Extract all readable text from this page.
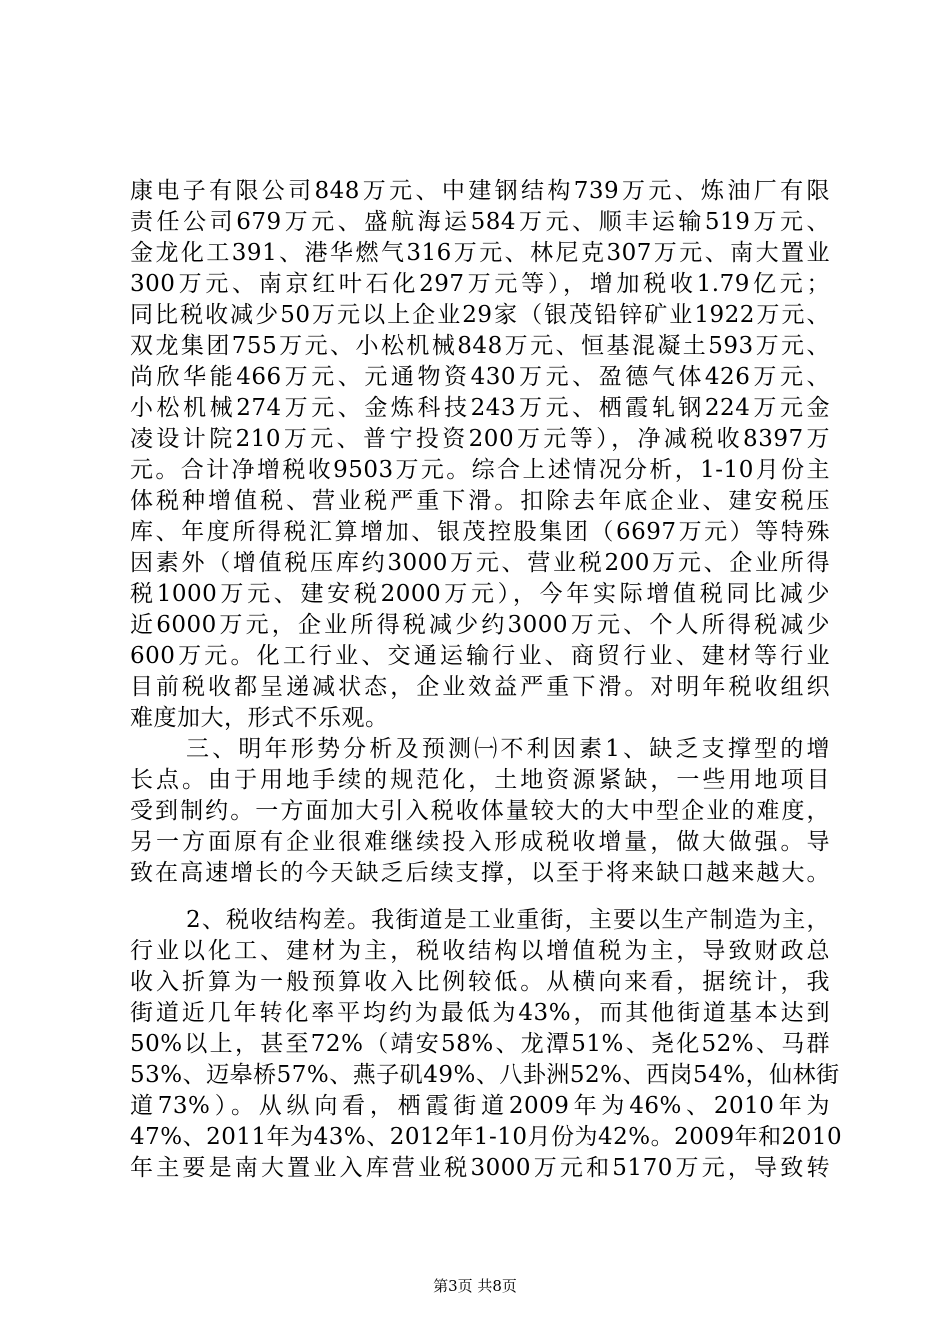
康电子有限公司848万元、中建钢结构739万元、炼油厂有限
责任公司679万元、盛航海运584万元、顺丰运输519万元、
金龙化工391、港华燃气316万元、林尼克307万元、南大置业
300万元、南京红叶石化297万元等），增加税收1.79亿元；
同比税收减少50万元以上企业29家（银茂铅锌矿业1922万元、
双龙集团755万元、小松机械848万元、恒基混凝土593万元、
尚欣华能466万元、元通物资430万元、盈德气体426万元、
小松机械274万元、金炼科技243万元、栖霞轧钢224万元金
凌设计院210万元、普宁投资200万元等），净减税收8397万
元。合计净增税收9503万元。综合上述情况分析，1-10月份主
体税种增值税、营业税严重下滑。扣除去年底企业、建安税压
库、年度所得税汇算增加、银茂控股集团（6697万元）等特殊
因素外（增值税压库约3000万元、营业税200万元、企业所得
税1000万元、建安税2000万元），今年实际增值税同比减少
近6000万元，企业所得税减少约3000万元、个人所得税减少
600万元。化工行业、交通运输行业、商贸行业、建材等行业
目前税收都呈递减状态，企业效益严重下滑。对明年税收组织
难度加大，形式不乐观。
三、明年形势分析及预测㈠不利因素1、缺乏支撑型的增
长点。由于用地手续的规范化，土地资源紧缺，一些用地项目
受到制约。一方面加大引入税收体量较大的大中型企业的难度，
另一方面原有企业很难继续投入形成税收增量，做大做强。导
致在高速增长的今天缺乏后续支撑，以至于将来缺口越来越大。
2、税收结构差。我街道是工业重街，主要以生产制造为主，
行业以化工、建材为主，税收结构以增值税为主，导致财政总
收入折算为一般预算收入比例较低。从横向来看，据统计，我
街道近几年转化率平均约为最低为43%，而其他街道基本达到
50%以上，甚至72%（靖安58%、龙潭51%、尧化52%、马群
53%、迈皋桥57%、燕子矶49%、八卦洲52%、西岗54%，仙林街
道73%）。从纵向看，栖霞街道2009年为46%、2010年为
47%、2011年为43%、2012年1-10月份为42%。2009年和2010
年主要是南大置业入库营业税3000万元和5170万元，导致转
第3页 共8页
